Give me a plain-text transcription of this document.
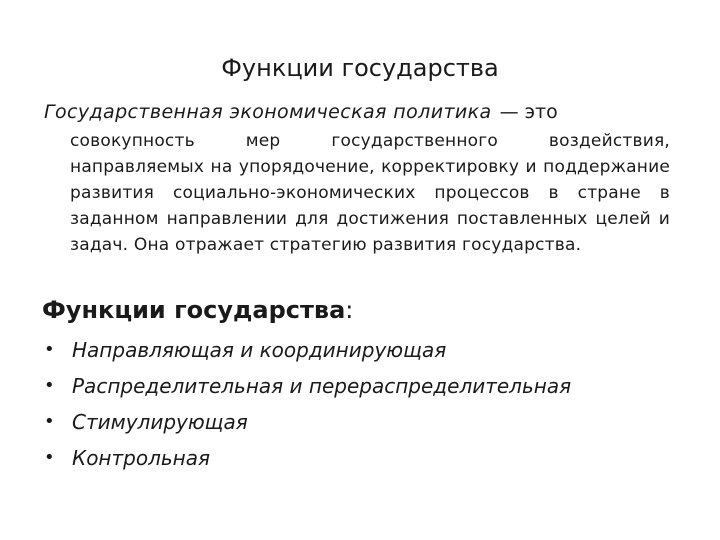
Функции государства
Государственная экономическая политика — это
совокупность мер государственного воздействия, направляемых на упорядочение, корректировку и поддержание развития социально-экономических процессов в стране в заданном направлении для достижения поставленных целей и задач. Она отражает стратегию развития государства.
Функции государства:
• Направляющая и координирующая
• Распределительная и перераспределительная
• Стимулирующая
• Контрольная
